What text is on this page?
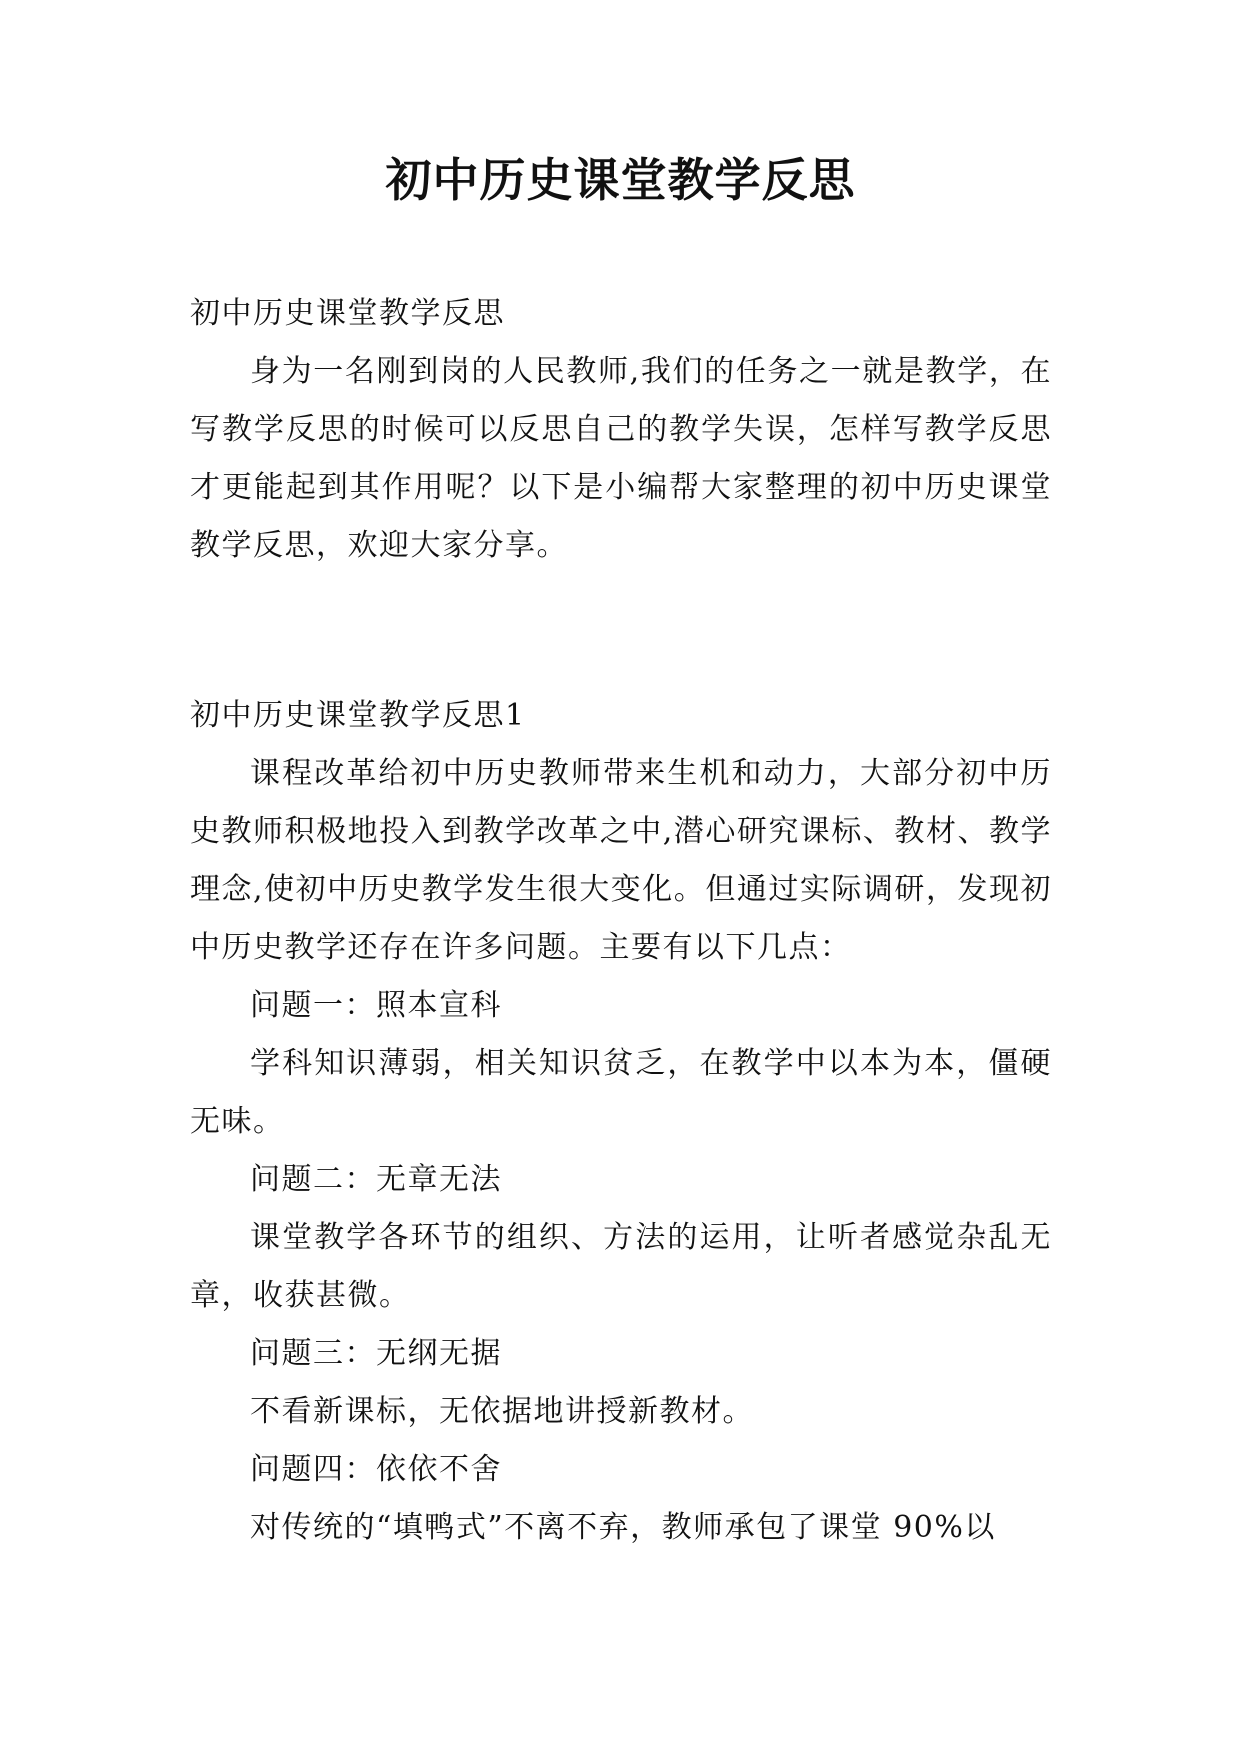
初中历史课堂教学反思

初中历史课堂教学反思

身为一名刚到岗的人民教师,我们的任务之一就是教学，在写教学反思的时候可以反思自己的教学失误，怎样写教学反思才更能起到其作用呢？以下是小编帮大家整理的初中历史课堂教学反思，欢迎大家分享。

初中历史课堂教学反思1

课程改革给初中历史教师带来生机和动力，大部分初中历史教师积极地投入到教学改革之中,潜心研究课标、教材、教学理念,使初中历史教学发生很大变化。但通过实际调研，发现初中历史教学还存在许多问题。主要有以下几点：

问题一：照本宣科

学科知识薄弱，相关知识贫乏，在教学中以本为本，僵硬无味。

问题二：无章无法

课堂教学各环节的组织、方法的运用，让听者感觉杂乱无章，收获甚微。

问题三：无纲无据

不看新课标，无依据地讲授新教材。

问题四：依依不舍

对传统的“填鸭式”不离不弃，教师承包了课堂 90%以
